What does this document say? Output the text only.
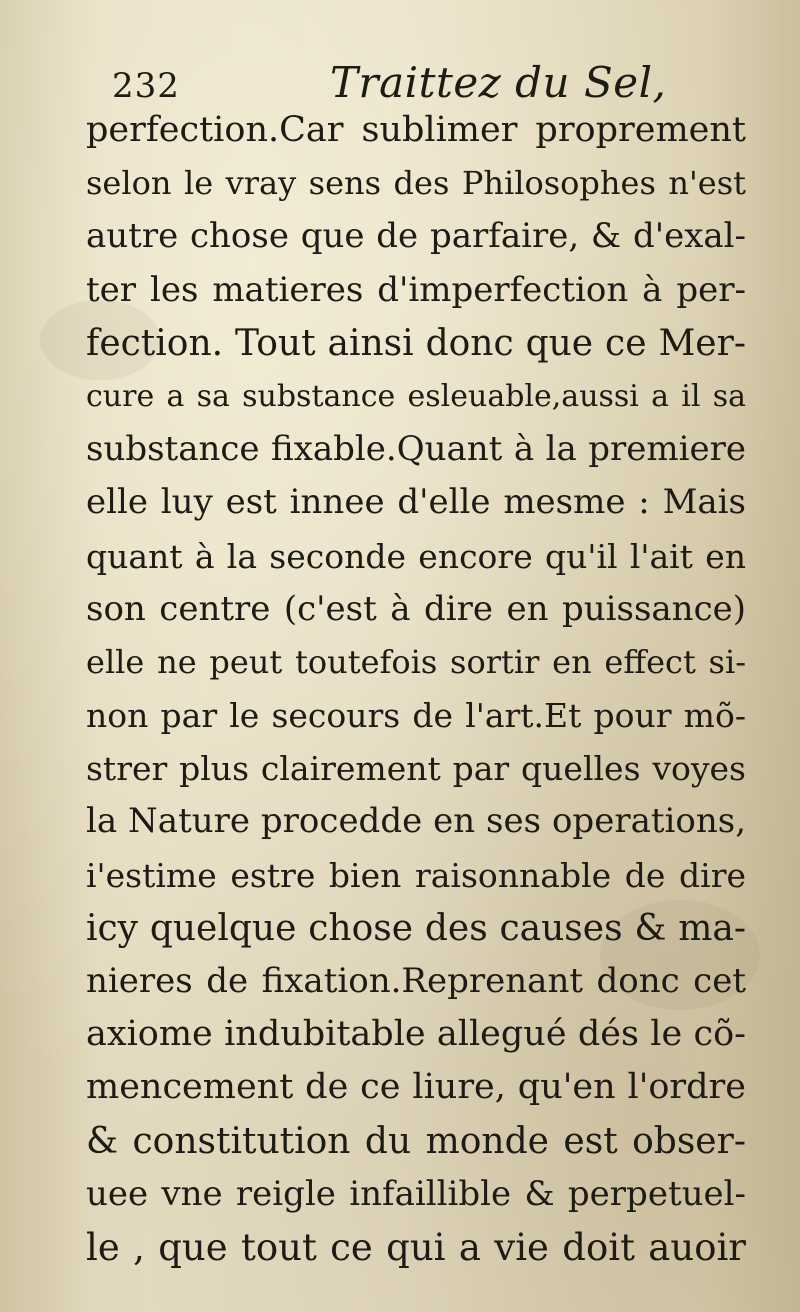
232	Traittez du Sel,
perfection.Car sublimer proprement
selon le vray sens des Philosophes n'est
autre chose que de parfaire, & d'exal-
ter les matieres d'imperfection à per-
fection. Tout ainsi donc que ce Mer-
cure a sa substance esleuable,aussi a il sa
substance fixable.Quant à la premiere
elle luy est innee d'elle mesme : Mais
quant à la seconde encore qu'il l'ait en
son centre (c'est à dire en puissance)
elle ne peut toutefois sortir en effect si-
non par le secours de l'art.Et pour mõ-
strer plus clairement par quelles voyes
la Nature procedde en ses operations,
i'estime estre bien raisonnable de dire
icy quelque chose des causes & ma-
nieres de fixation.Reprenant donc cet
axiome indubitable allegué dés le cõ-
mencement de ce liure, qu'en l'ordre
& constitution du monde est obser-
uee vne reigle infaillible & perpetuel-
le , que tout ce qui a vie doit auoir
